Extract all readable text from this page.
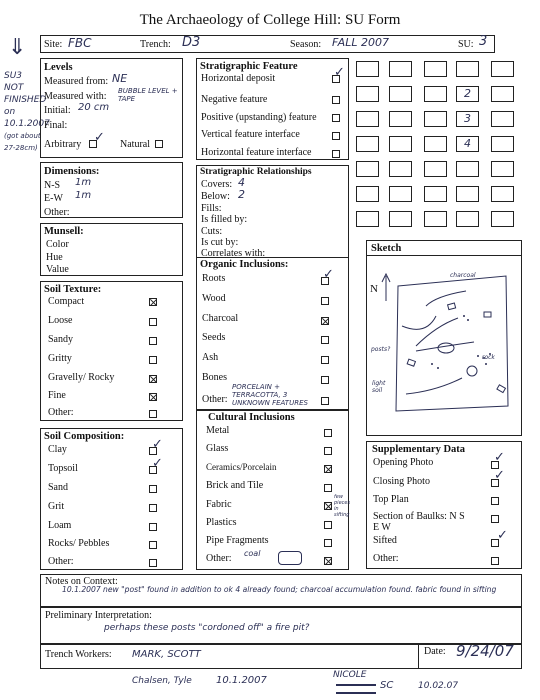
⇓
SU3
NOT
FINISHED
on
10.1.2007
(got about
27-28cm)
The Archaeology of College Hill: SU Form
Site: FBC	Trench: D3	Season: FALL 2007	SU: 3
Levels
Measured from: NE
Measured with: BUBBLE LEVEL + TAPE
Initial: 20 cm
Final:
Arbitrary ✓ Natural
Dimensions:
N-S 1m
E-W 1m
Other:
Munsell:
Color
Hue
Value
Soil Texture:
Compact
Loose
Sandy
Gritty
Gravelly/ Rocky
Fine
Other:
Soil Composition:
Clay	✓
Topsoil	✓
Sand
Grit
Loam
Rocks/ Pebbles
Other:
Stratigraphic Feature
Horizontal deposit	✓
Negative feature
Positive (upstanding) feature
Vertical feature interface
Horizontal feature interface
Stratigraphic Relationships
Covers: 4
Below: 2
Fills:
Is filled by:
Cuts:
Is cut by:
Correlates with:
Organic Inclusions:
Roots	✓
Wood
Charcoal
Seeds
Ash
Bones
Other:
PORCELAIN + TERRACOTTA, 3 UNKNOWN FEATURES
Cultural Inclusions
Metal
Glass
Ceramics/Porcelain
Brick and Tile
Fabric
few pieces in sifting
Plastics
Pipe Fragments
Other: coal
2
3
4
Sketch
N
charcoal
posts?
rock
light soil
Supplementary Data
Opening Photo	✓
Closing Photo	✓
Top Plan
Section of Baulks: N S E W
Sifted	✓
Other:
Notes on Context:
10.1.2007 new "post" found in addition to ok 4 already found; charcoal accumulation found. fabric found in sifting
Preliminary Interpretation:
perhaps these posts "cordoned off" a fire pit?
Trench Workers: MARK, SCOTT	Date: 9/24/07
Chalsen, Tyle 10.1.2007	NICOLE
SC	10.02.07
